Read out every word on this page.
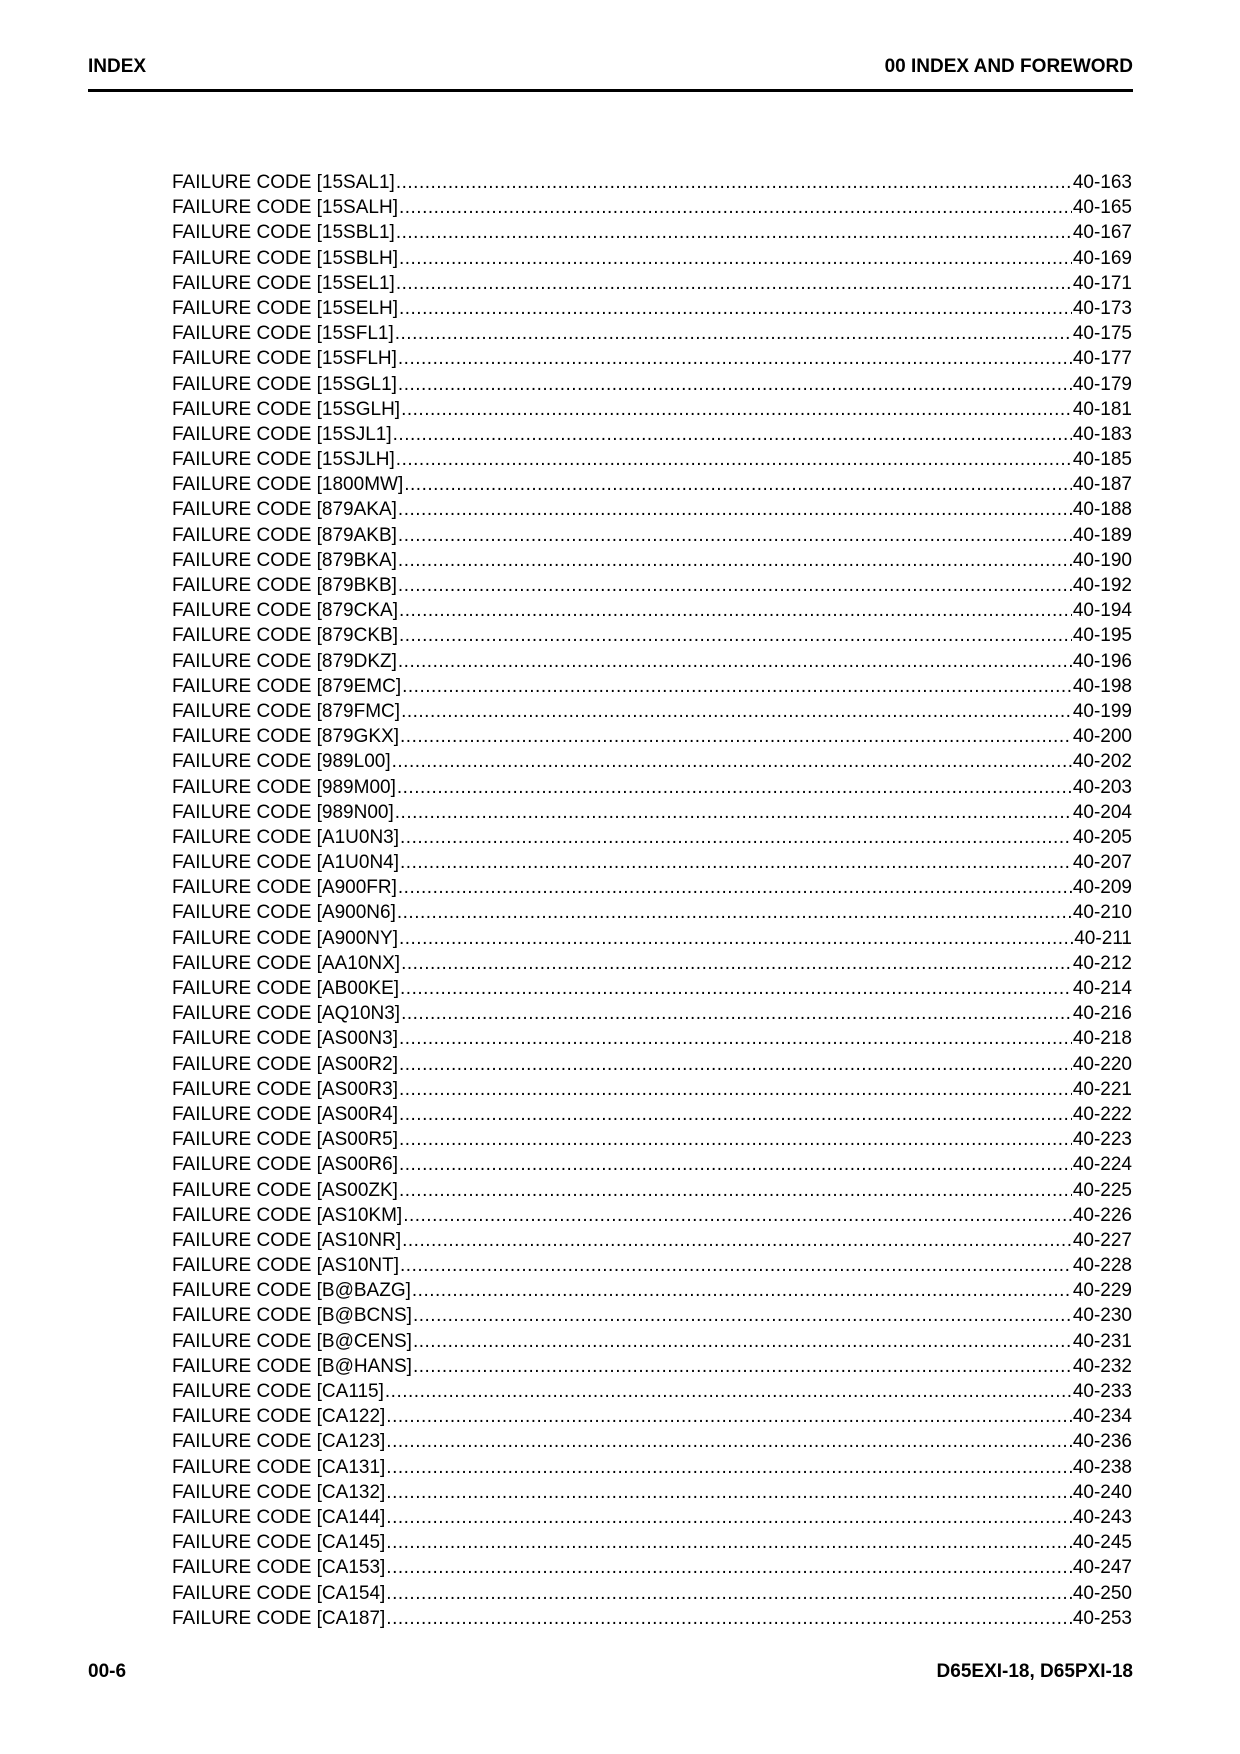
INDEX	00 INDEX AND FOREWORD
FAILURE CODE [15SAL1] .....	40-163
FAILURE CODE [15SALH] .....	40-165
FAILURE CODE [15SBL1] .....	40-167
FAILURE CODE [15SBLH] .....	40-169
FAILURE CODE [15SEL1] .....	40-171
FAILURE CODE [15SELH] .....	40-173
FAILURE CODE [15SFL1] .....	40-175
FAILURE CODE [15SFLH] .....	40-177
FAILURE CODE [15SGL1] .....	40-179
FAILURE CODE [15SGLH] .....	40-181
FAILURE CODE [15SJL1] .....	40-183
FAILURE CODE [15SJLH] .....	40-185
FAILURE CODE [1800MW] .....	40-187
FAILURE CODE [879AKA] .....	40-188
FAILURE CODE [879AKB] .....	40-189
FAILURE CODE [879BKA] .....	40-190
FAILURE CODE [879BKB] .....	40-192
FAILURE CODE [879CKA] .....	40-194
FAILURE CODE [879CKB] .....	40-195
FAILURE CODE [879DKZ] .....	40-196
FAILURE CODE [879EMC] .....	40-198
FAILURE CODE [879FMC] .....	40-199
FAILURE CODE [879GKX] .....	40-200
FAILURE CODE [989L00] .....	40-202
FAILURE CODE [989M00] .....	40-203
FAILURE CODE [989N00] .....	40-204
FAILURE CODE [A1U0N3] .....	40-205
FAILURE CODE [A1U0N4] .....	40-207
FAILURE CODE [A900FR] .....	40-209
FAILURE CODE [A900N6] .....	40-210
FAILURE CODE [A900NY] .....	40-211
FAILURE CODE [AA10NX] .....	40-212
FAILURE CODE [AB00KE] .....	40-214
FAILURE CODE [AQ10N3] .....	40-216
FAILURE CODE [AS00N3] .....	40-218
FAILURE CODE [AS00R2] .....	40-220
FAILURE CODE [AS00R3] .....	40-221
FAILURE CODE [AS00R4] .....	40-222
FAILURE CODE [AS00R5] .....	40-223
FAILURE CODE [AS00R6] .....	40-224
FAILURE CODE [AS00ZK] .....	40-225
FAILURE CODE [AS10KM] .....	40-226
FAILURE CODE [AS10NR] .....	40-227
FAILURE CODE [AS10NT] .....	40-228
FAILURE CODE [B@BAZG] .....	40-229
FAILURE CODE [B@BCNS] .....	40-230
FAILURE CODE [B@CENS] .....	40-231
FAILURE CODE [B@HANS] .....	40-232
FAILURE CODE [CA115] .....	40-233
FAILURE CODE [CA122] .....	40-234
FAILURE CODE [CA123] .....	40-236
FAILURE CODE [CA131] .....	40-238
FAILURE CODE [CA132] .....	40-240
FAILURE CODE [CA144] .....	40-243
FAILURE CODE [CA145] .....	40-245
FAILURE CODE [CA153] .....	40-247
FAILURE CODE [CA154] .....	40-250
FAILURE CODE [CA187] .....	40-253
00-6	D65EXI-18, D65PXI-18
